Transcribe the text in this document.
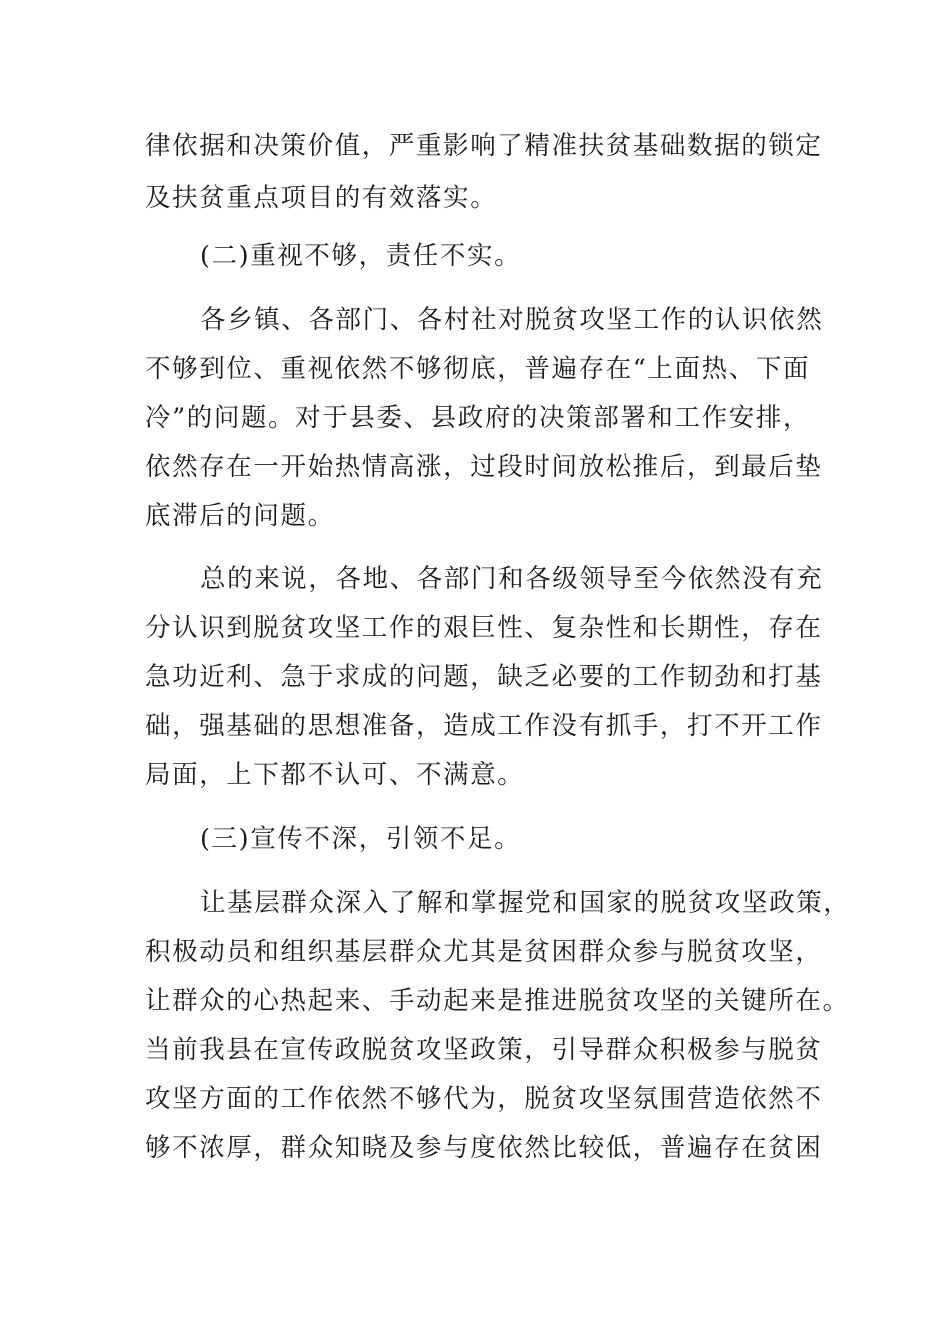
律依据和决策价值，严重影响了精准扶贫基础数据的锁定
及扶贫重点项目的有效落实。
(二)重视不够，责任不实。
各乡镇、各部门、各村社对脱贫攻坚工作的认识依然
不够到位、重视依然不够彻底，普遍存在“上面热、下面
冷”的问题。对于县委、县政府的决策部署和工作安排，
依然存在一开始热情高涨，过段时间放松推后，到最后垫
底滞后的问题。
总的来说，各地、各部门和各级领导至今依然没有充
分认识到脱贫攻坚工作的艰巨性、复杂性和长期性，存在
急功近利、急于求成的问题，缺乏必要的工作韧劲和打基
础，强基础的思想准备，造成工作没有抓手，打不开工作
局面，上下都不认可、不满意。
(三)宣传不深，引领不足。
让基层群众深入了解和掌握党和国家的脱贫攻坚政策，
积极动员和组织基层群众尤其是贫困群众参与脱贫攻坚，
让群众的心热起来、手动起来是推进脱贫攻坚的关键所在。
当前我县在宣传政脱贫攻坚政策，引导群众积极参与脱贫
攻坚方面的工作依然不够代为，脱贫攻坚氛围营造依然不
够不浓厚，群众知晓及参与度依然比较低，普遍存在贫困
